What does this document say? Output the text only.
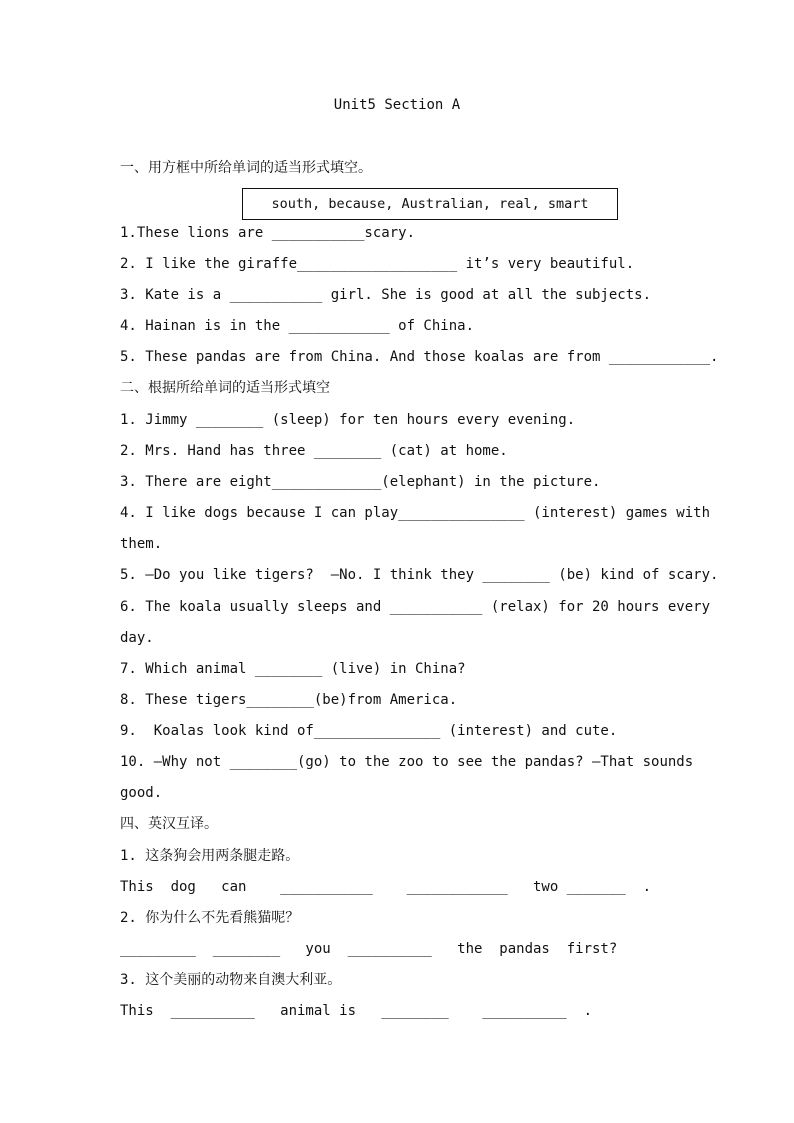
Unit5 Section A
一、用方框中所给单词的适当形式填空。
south, because, Australian, real, smart
1.These lions are ___________scary.
2. I like the giraffe___________________ it’s very beautiful.
3. Kate is a ___________ girl. She is good at all the subjects.
4. Hainan is in the ____________ of China.
5. These pandas are from China. And those koalas are from ____________.
二、根据所给单词的适当形式填空
1. Jimmy ________ (sleep) for ten hours every evening.
2. Mrs. Hand has three ________ (cat) at home.
3. There are eight_____________(elephant) in the picture.
4. I like dogs because I can play_______________ (interest) games with
them.
5. —Do you like tigers?  —No. I think they ________ (be) kind of scary.
6. The koala usually sleeps and ___________ (relax) for 20 hours every
day.
7. Which animal ________ (live) in China?
8. These tigers________(be)from America.
9.  Koalas look kind of_______________ (interest) and cute.
10. —Why not ________(go) to the zoo to see the pandas? —That sounds
good.
四、英汉互译。
1. 这条狗会用两条腿走路。
This  dog   can    ___________    ____________   two _______  .
2. 你为什么不先看熊猫呢？
_________  ________   you  __________   the  pandas  first?
3. 这个美丽的动物来自澳大利亚。
This  __________   animal is   ________    __________  .
